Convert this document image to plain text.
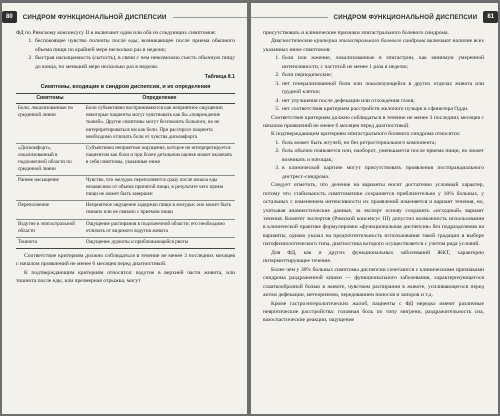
80	СИНДРОМ ФУНКЦИОНАЛЬНОЙ ДИСПЕПСИИ

ФД по Римскому консенсусу II и включают один или оба из следующих симптомов:

1. беспокоящее чувство полноты после еды, возникающее после приема обычного объема пищи по крайней мере несколько раз в неделю;
2. быстрая насыщаемость (сытость), в связи с чем невозможно съесть обычную пищу до конца, по меньшей мере несколько раз в неделю.
Таблица 8.1
Симптомы, входящие в синдром диспепсии, и их определения
Симптомы	Определение
Боли, локализованные по срединной линии	Боли субъективно воспринимаются как неприятное ощущение; некоторые пациенты могут чувствовать как бы «повреждение тканей». Другие симптомы могут беспокоить больного, но не интерпретироваться им как боли. При расспросе пациента необходимо отличать боли от чувства дискомфорта
«Дискомфорт», локализованный в подложечной области по срединной линии	Субъективно неприятное ощущение, которое не интерпретируется пациентом как боли и при более детальном оценке может включать в себя симптомы, указанные ниже
Раннее насыщение	Чувство, что желудок переполняется сразу после начала еды независимо от объема принятой пищи, в результате чего прием пищи не может быть завершен
Переполнение	Неприятное ощущение задержки пищи в желудке; оно может быть связано или не связано с приемом пищи
Вздутие в эпигастральной области	Ощущение распирания в подложечной области; его необходимо отличать от видимого вздутия живота
Тошнота	Ощущение дурноты и приближающейся рвоты

Соответствие критериям должно соблюдаться в течение не менее 3 последних месяцев с началом проявлений не менее 6 месяцев перед диагностикой.

К подтверждающим критериям относятся: вздутие в верхней части живота, или тошнота после еды, или чрезмерная отрыжка, могут

СИНДРОМ ФУНКЦИОНАЛЬНОЙ ДИСПЕПСИИ	81

присутствовать и клинические признаки эпигастрального болевого синдрома.

Диагностические критерии эпигастрального болевого синдрома включают наличие всех указанных ниже симптомов:

1. боли или жжение, локализованные в эпигастрии, как минимум умеренной интенсивности, с частотой не менее 1 раза в неделю;
2. боли периодические;
3. нет генерализованной боли или локализующейся в других отделах живота или грудной клетки;
4. нет улучшения после дефекации или отхождения газов;
5. нет соответствия критериям расстройств желчного пузыря и сфинктера Одди.

Соответствие критериям должно соблюдаться в течение не менее 3 последних месяцев с началом проявлений не менее 6 месяцев перед диагностикой.

К подтверждающим критериям эпигастрального болевого синдрома относятся:

1. боль может быть жгучей, но без ретростернального компонента;
2. боль обычно появляется или, наоборот, уменьшается после приема пищи, но может возникать и натощак;
3. в клинической картине могут присутствовать проявления постпрандиального дистресс-синдрома.

Следует отметить, что деление на варианты носит достаточно условный характер, потому что стабильность симптоматики сохраняется приблизительно у 10% больных, у остальных с изменением интенсивности их проявлений изменяется и вариант течения, но, учитывая анамнестические данные, за эксперт основу сохранить «исходный» вариант течения. Комитет экспертов (Римский консенсус III) допустил возможность использования в клинической практике формулировки «функциональная диспепсия» без подразделения на варианты, однако указал на предпочтительность использования такой градации в выборе патофизиологического типа, диагностика которого осуществляется с учетом ряда условий.

Для ФД, как и других функциональных заболеваний ЖКТ, характерно интермиттирующее течение.

Более чем у 30% больных симптомы диспепсии сочетаются с клиническими признаками синдрома раздраженной кишки — функционального заболевания, характеризующегося схваткообразной болью в животе, чувством распирания в животе, усиливающегося перед актом дефекации, метеоризмом, чередованием поносов и запоров и т.д.

Кроме гастроэнтерологических жалоб, пациенты с ФД нередко имеют различные невротические расстройства: головная боль по типу мигрени, раздражительность сна, вазоспастические реакции, ощущение
